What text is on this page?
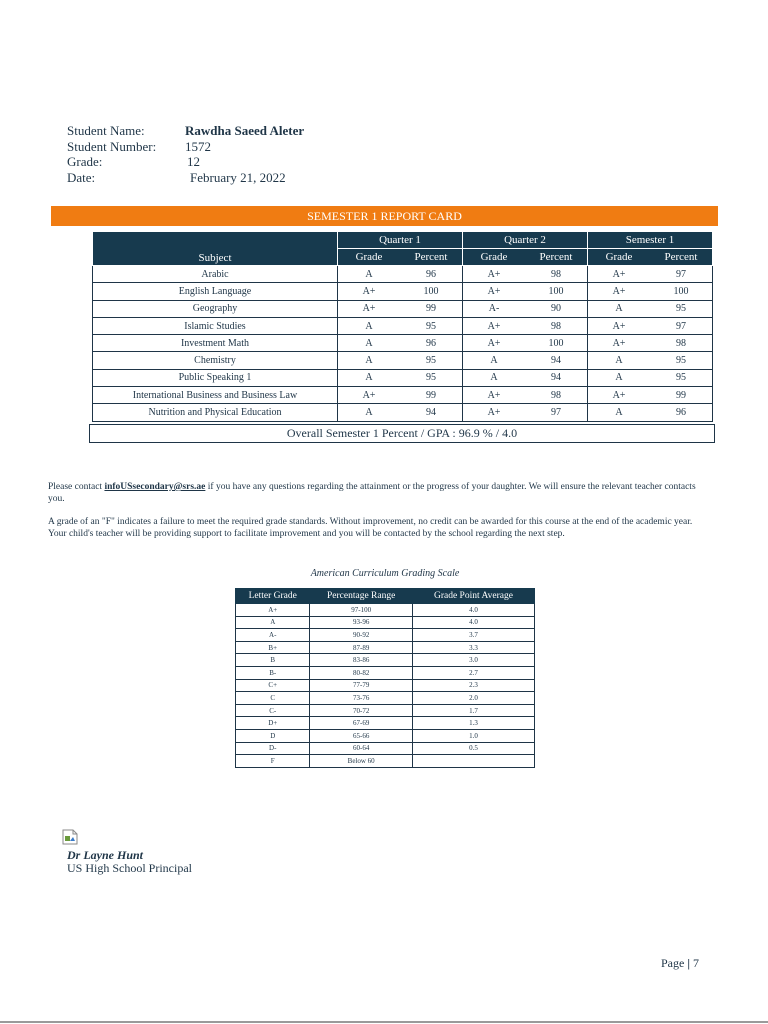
Student Name:	Rawdha Saeed Aleter
Student Number: 1572
Grade:	12
Date:	February 21, 2022
SEMESTER 1 REPORT CARD
Subject	Quarter 1		Quarter 2		Semester 1	
	Grade	Percent	Grade	Percent	Grade	Percent
Arabic	A	96	A+	98	A+	97
English Language	A+	100	A+	100	A+	100
Geography	A+	99	A-	90	A	95
Islamic Studies	A	95	A+	98	A+	97
Investment Math	A	96	A+	100	A+	98
Chemistry	A	95	A	94	A	95
Public Speaking 1	A	95	A	94	A	95
International Business and Business Law	A+	99	A+	98	A+	99
Nutrition and Physical Education	A	94	A+	97	A	96
Overall Semester 1 Percent / GPA : 96.9 % / 4.0
Please contact infoUSsecondary@srs.ae if you have any questions regarding the attainment or the progress of your daughter. We will ensure the relevant teacher contacts you.
A grade of an "F" indicates a failure to meet the required grade standards. Without improvement, no credit can be awarded for this course at the end of the academic year. Your child's teacher will be providing support to facilitate improvement and you will be contacted by the school regarding the next step.
American Curriculum Grading Scale
Letter Grade	Percentage Range	Grade Point Average
A+	97-100	4.0
A	93-96	4.0
A-	90-92	3.7
B+	87-89	3.3
B	83-86	3.0
B-	80-82	2.7
C+	77-79	2.3
C	73-76	2.0
C-	70-72	1.7
D+	67-69	1.3
D	65-66	1.0
D-	60-64	0.5
F	Below 60	
Dr Layne Hunt
US High School Principal
Page | 7
